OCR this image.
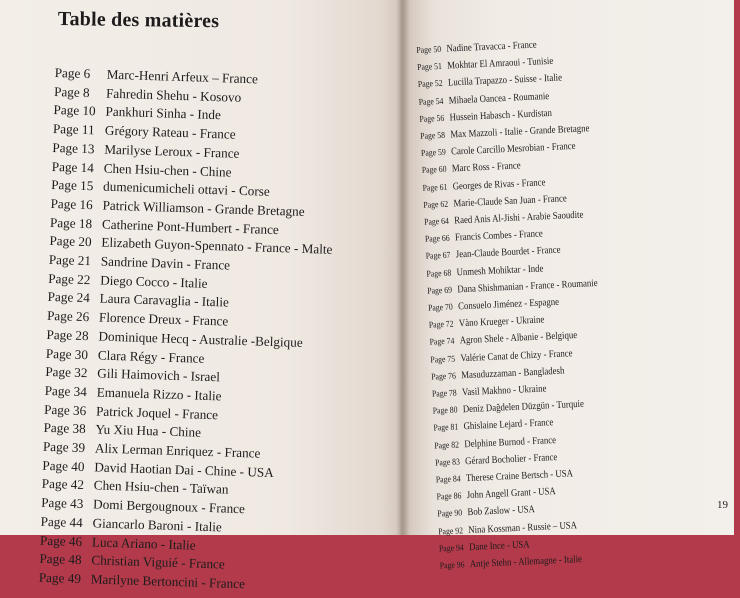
Table des matières
Page 6	Marc-Henri Arfeux – France
Page 8	Fahredin Shehu - Kosovo
Page 10 Pankhuri Sinha - Inde
Page 11 Grégory Rateau - France
Page 13 Marilyse Leroux - France
Page 14 Chen Hsiu-chen - Chine
Page 15 dumenicumicheli ottavi - Corse
Page 16 Patrick Williamson - Grande Bretagne
Page 18 Catherine Pont-Humbert - France
Page 20 Elizabeth Guyon-Spennato - France - Malte
Page 21 Sandrine Davin - France
Page 22 Diego Cocco - Italie
Page 24 Laura Caravaglia - Italie
Page 26 Florence Dreux - France
Page 28 Dominique Hecq - Australie -Belgique
Page 30 Clara Régy - France
Page 32 Gili Haimovich - Israel
Page 34 Emanuela Rizzo - Italie
Page 36 Patrick Joquel - France
Page 38 Yu Xiu Hua - Chine
Page 39 Alix Lerman Enriquez - France
Page 40 David Haotian Dai - Chine - USA
Page 42 Chen Hsiu-chen - Taïwan
Page 43 Domi Bergougnoux - France
Page 44 Giancarlo Baroni - Italie
Page 46 Luca Ariano - Italie
Page 48 Christian Viguié - France
Page 49 Marilyne Bertoncini - France
Page 50 Nadine Travacca - France
Page 51 Mokhtar El Amraoui - Tunisie
Page 52 Lucilla Trapazzo - Suisse - Italie
Page 54 Mihaela Oancea - Roumanie
Page 56 Hussein Habasch - Kurdistan
Page 58 Max Mazzoli - Italie - Grande Bretagne
Page 59 Carole Carcillo Mesrobian - France
Page 60 Marc Ross - France
Page 61 Georges de Rivas - France
Page 62 Marie-Claude San Juan - France
Page 64 Raed Anis Al-Jishi - Arabie Saoudite
Page 66 Francis Combes - France
Page 67 Jean-Claude Bourdet - France
Page 68 Unmesh Mohiktar - Inde
Page 69 Dana Shishmanian - France - Roumanie
Page 70 Consuelo Jiménez - Espagne
Page 72 Vàno Krueger - Ukraine
Page 74 Agron Shele - Albanie - Belgique
Page 75 Valérie Canat de Chizy - France
Page 76 Masuduzzaman - Bangladesh
Page 78 Vasil Makhno - Ukraine
Page 80 Deniz Dağdelen Düzgün - Turquie
Page 81 Ghislaine Lejard - France
Page 82 Delphine Burnod - France
Page 83 Gérard Bocholier - France
Page 84 Therese Craine Bertsch - USA
Page 86 John Angell Grant - USA
Page 90 Bob Zaslow - USA
Page 92 Nina Kossman - Russie – USA
Page 94 Dane Ince - USA
Page 96 Antje Stehn - Allemagne - Italie
19
